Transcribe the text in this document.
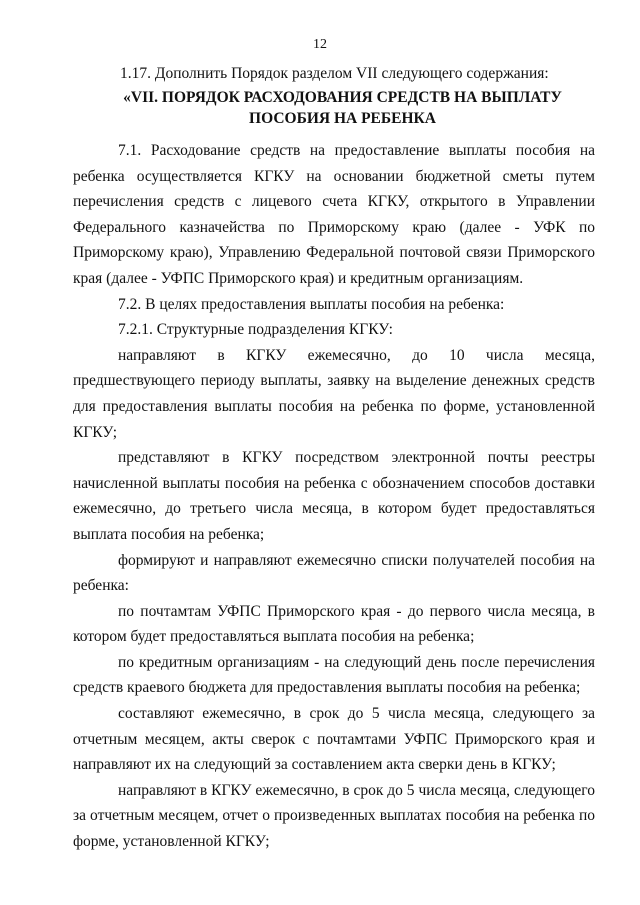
12
1.17. Дополнить Порядок разделом VII следующего содержания:
«VII. ПОРЯДОК РАСХОДОВАНИЯ СРЕДСТВ НА ВЫПЛАТУ ПОСОБИЯ НА РЕБЕНКА

7.1. Расходование средств на предоставление выплаты пособия на ребенка осуществляется КГКУ на основании бюджетной сметы путем перечисления средств с лицевого счета КГКУ, открытого в Управлении Федерального казначейства по Приморскому краю (далее - УФК по Приморскому краю), Управлению Федеральной почтовой связи Приморского края (далее - УФПС Приморского края) и кредитным организациям.

7.2. В целях предоставления выплаты пособия на ребенка:

7.2.1. Структурные подразделения КГКУ:

направляют в КГКУ ежемесячно, до 10 числа месяца, предшествующего периоду выплаты, заявку на выделение денежных средств для предоставления выплаты пособия на ребенка по форме, установленной КГКУ;

представляют в КГКУ посредством электронной почты реестры начисленной выплаты пособия на ребенка с обозначением способов доставки ежемесячно, до третьего числа месяца, в котором будет предоставляться выплата пособия на ребенка;

формируют и направляют ежемесячно списки получателей пособия на ребенка:

по почтамтам УФПС Приморского края - до первого числа месяца, в котором будет предоставляться выплата пособия на ребенка;

по кредитным организациям - на следующий день после перечисления средств краевого бюджета для предоставления выплаты пособия на ребенка;

составляют ежемесячно, в срок до 5 числа месяца, следующего за отчетным месяцем, акты сверок с почтамтами УФПС Приморского края и направляют их на следующий за составлением акта сверки день в КГКУ;

направляют в КГКУ ежемесячно, в срок до 5 числа месяца, следующего за отчетным месяцем, отчет о произведенных выплатах пособия на ребенка по форме, установленной КГКУ;
